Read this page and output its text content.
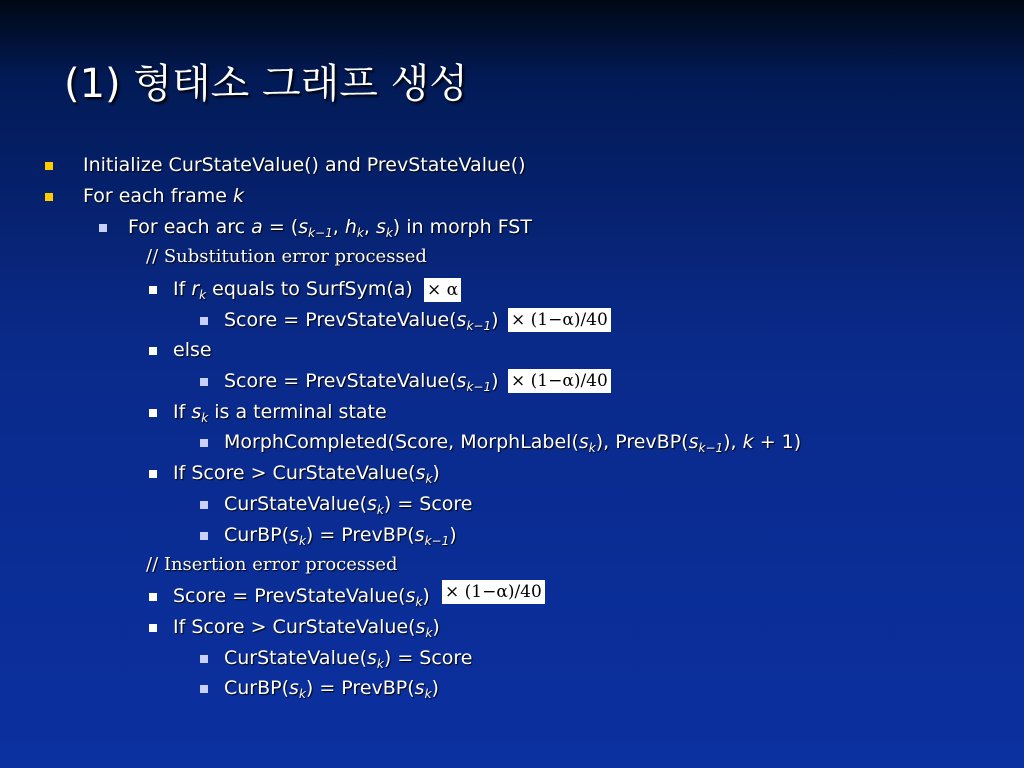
(1) 형태소 그래프 생성
Initialize CurStateValue() and PrevStateValue()
For each frame k
For each arc $a = (s_{k-1}$, $h_k$, $s_k$) in morph FST
// Substitution error processed
If $r_k$ equals to SurfSym(a) × α
Score = $PrevStateValue(s_{k-1}) \times (1-\alpha)/40$
else
Score = $PrevStateValue(s_{k-1}) \times (1-\alpha)/40$
If $s_k$ is a terminal state
MorphCompleted(Score, $MorphLabel(s_k)$, $PrevBP(s_{k-1})$, k + 1)
If Score > $CurStateValue(s_k)$
$CurStateValue(s_k)$ = Score
$CurBP(s_k)$ = $PrevBP(s_{k-1})$
// Insertion error processed
Score = $PrevStateValue(s_k) \times (1-\alpha)/40$
If Score > $CurStateValue(s_k)$
$CurStateValue(s_k)$ = Score
$CurBP(s_k)$ = $PrevBP(s_k)$
